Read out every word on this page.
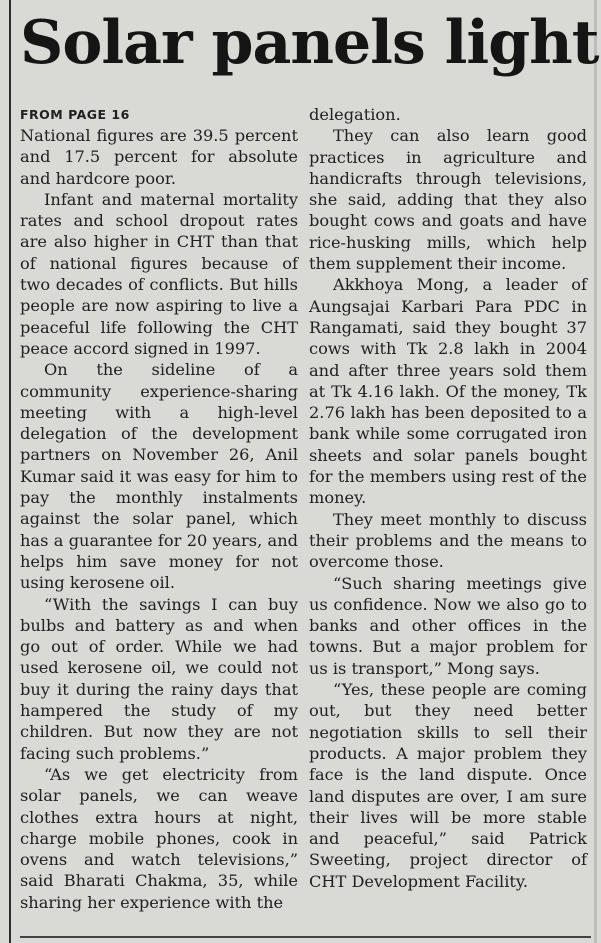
Solar panels light
FROM PAGE 16

National figures are 39.5 percent and 17.5 percent for absolute and hardcore poor.

Infant and maternal mortality rates and school dropout rates are also higher in CHT than that of national figures because of two decades of conflicts. But hills people are now aspiring to live a peaceful life following the CHT peace accord signed in 1997.

On the sideline of a community experience-sharing meeting with a high-level delegation of the development partners on November 26, Anil Kumar said it was easy for him to pay the monthly instalments against the solar panel, which has a guarantee for 20 years, and helps him save money for not using kerosene oil.

“With the savings I can buy bulbs and battery as and when go out of order. While we had used kerosene oil, we could not buy it during the rainy days that hampered the study of my children. But now they are not facing such problems.”

“As we get electricity from solar panels, we can weave clothes extra hours at night, charge mobile phones, cook in ovens and watch televisions,” said Bharati Chakma, 35, while sharing her experience with the

delegation.

They can also learn good practices in agriculture and handicrafts through televisions, she said, adding that they also bought cows and goats and have rice-husking mills, which help them supplement their income.

Akkhoya Mong, a leader of Aungsajai Karbari Para PDC in Rangamati, said they bought 37 cows with Tk 2.8 lakh in 2004 and after three years sold them at Tk 4.16 lakh. Of the money, Tk 2.76 lakh has been deposited to a bank while some corrugated iron sheets and solar panels bought for the members using rest of the money.

They meet monthly to discuss their problems and the means to overcome those.

“Such sharing meetings give us confidence. Now we also go to banks and other offices in the towns. But a major problem for us is transport,” Mong says.

“Yes, these people are coming out, but they need better negotiation skills to sell their products. A major problem they face is the land dispute. Once land disputes are over, I am sure their lives will be more stable and peaceful,” said Patrick Sweeting, project director of CHT Development Facility.
